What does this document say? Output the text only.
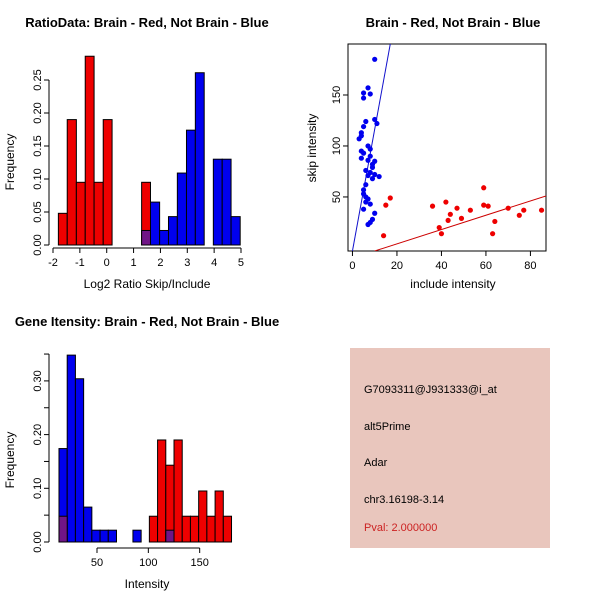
-2 -1 0 1 2 3 4 5
0.00
0.05
0.10
0.15
0.20
0.25
RatioData: Brain - Red, Not Brain - Blue
Frequency
Log2 Ratio Skip/Include
0	20	40	60	80
50
100
150
Brain - Red, Not Brain - Blue
skip intensity
include intensity
50	100	150
0.00
0.10
0.20
0.30
Gene Itensity: Brain - Red, Not Brain - Blue
Frequency
Intensity
G7093311@J931333@i_at
alt5Prime
Adar
chr3.16198-3.14
Pval: 2.000000
